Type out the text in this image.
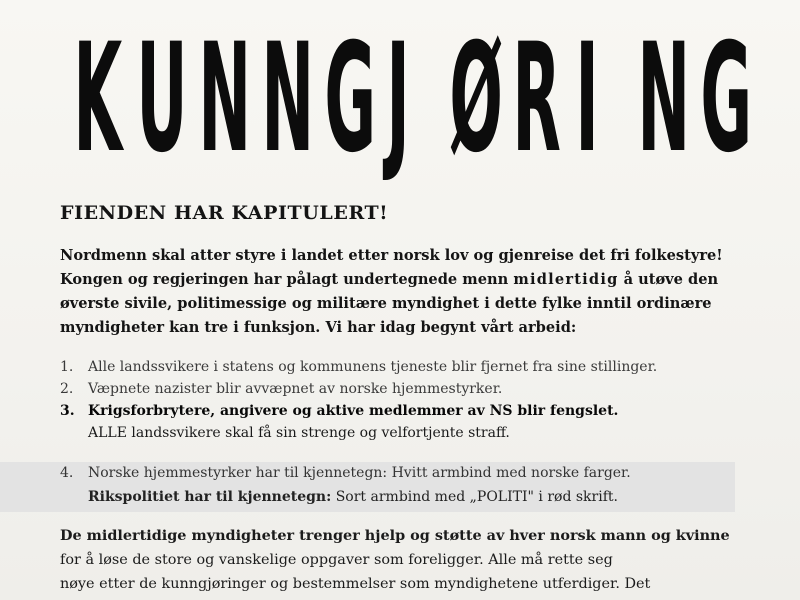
K U N N G J Ø R I N G
FIENDEN HAR KAPITULERT!
Nordmenn skal atter styre i landet etter norsk lov og gjenreise det fri folkestyre!
Kongen og regjeringen har pålagt undertegnede menn midlertidig å utøve den
øverste sivile, politimessige og militære myndighet i dette fylke inntil ordinære
myndigheter kan tre i funksjon. Vi har idag begynt vårt arbeid:
1. Alle landssvikere i statens og kommunens tjeneste blir fjernet fra sine stillinger.
2. Væpnete nazister blir avvæpnet av norske hjemmestyrker.
3. Krigsforbrytere, angivere og aktive medlemmer av NS blir fengslet.
ALLE landssvikere skal få sin strenge og velfortjente straff.
4. Norske hjemmestyrker har til kjennetegn: Hvitt armbind med norske farger.
Rikspolitiet har til kjennetegn: Sort armbind med „POLITI" i rød skrift.
De midlertidige myndigheter trenger hjelp og støtte av hver norsk mann og kvinne
for å løse de store og vanskelige oppgaver som foreligger. Alle må rette seg
nøye etter de kunngjøringer og bestemmelser som myndighetene utferdiger. Det
